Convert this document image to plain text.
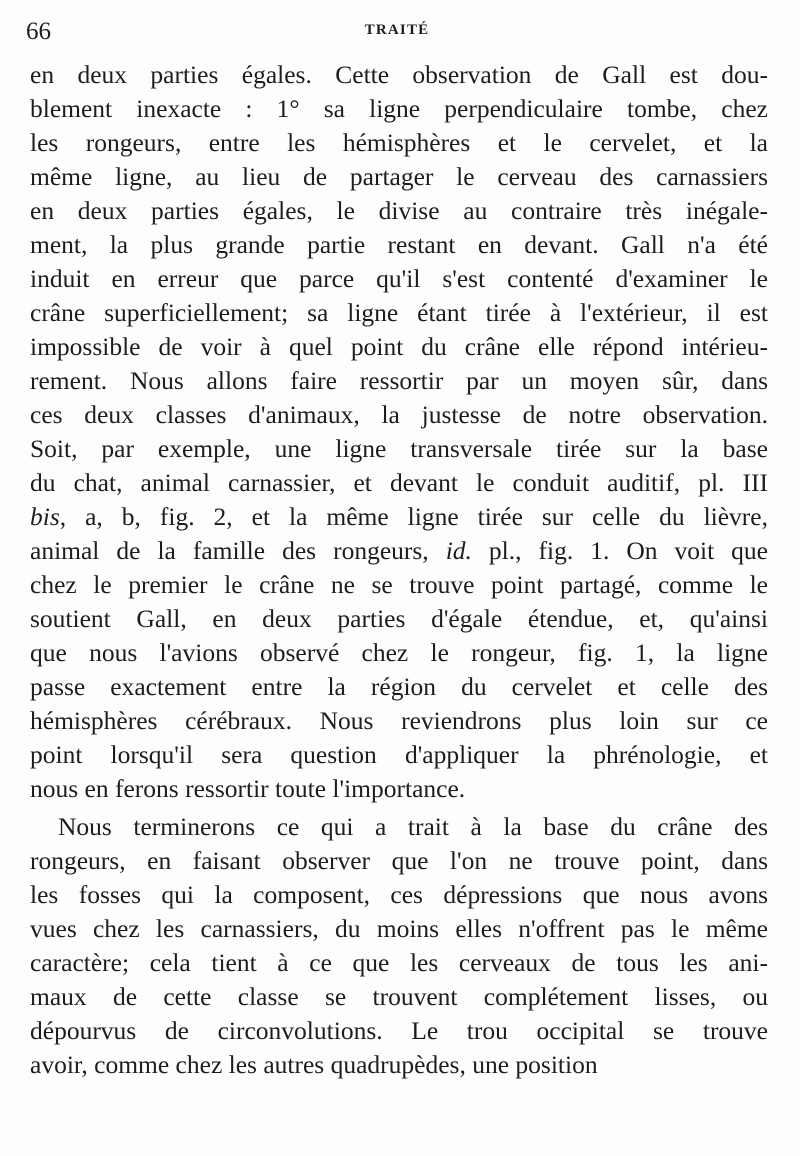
66	TRAITÉ
en deux parties égales. Cette observation de Gall est dou-
blement inexacte : 1° sa ligne perpendiculaire tombe, chez
les rongeurs, entre les hémisphères et le cervelet, et la
même ligne, au lieu de partager le cerveau des carnassiers
en deux parties égales, le divise au contraire très inégale-
ment, la plus grande partie restant en devant. Gall n'a été
induit en erreur que parce qu'il s'est contenté d'examiner le
crâne superficiellement; sa ligne étant tirée à l'extérieur, il est
impossible de voir à quel point du crâne elle répond intérieu-
rement. Nous allons faire ressortir par un moyen sûr, dans
ces deux classes d'animaux, la justesse de notre observation.
Soit, par exemple, une ligne transversale tirée sur la base
du chat, animal carnassier, et devant le conduit auditif, pl. III
bis, a, b, fig. 2, et la même ligne tirée sur celle du lièvre,
animal de la famille des rongeurs, id. pl., fig. 1. On voit que
chez le premier le crâne ne se trouve point partagé, comme le
soutient Gall, en deux parties d'égale étendue, et, qu'ainsi
que nous l'avions observé chez le rongeur, fig. 1, la ligne
passe exactement entre la région du cervelet et celle des
hémisphères cérébraux. Nous reviendrons plus loin sur ce
point lorsqu'il sera question d'appliquer la phrénologie, et
nous en ferons ressortir toute l'importance.
Nous terminerons ce qui a trait à la base du crâne des
rongeurs, en faisant observer que l'on ne trouve point, dans
les fosses qui la composent, ces dépressions que nous avons
vues chez les carnassiers, du moins elles n'offrent pas le même
caractère; cela tient à ce que les cerveaux de tous les ani-
maux de cette classe se trouvent complétement lisses, ou
dépourvus de circonvolutions. Le trou occipital se trouve
avoir, comme chez les autres quadrupèdes, une position
